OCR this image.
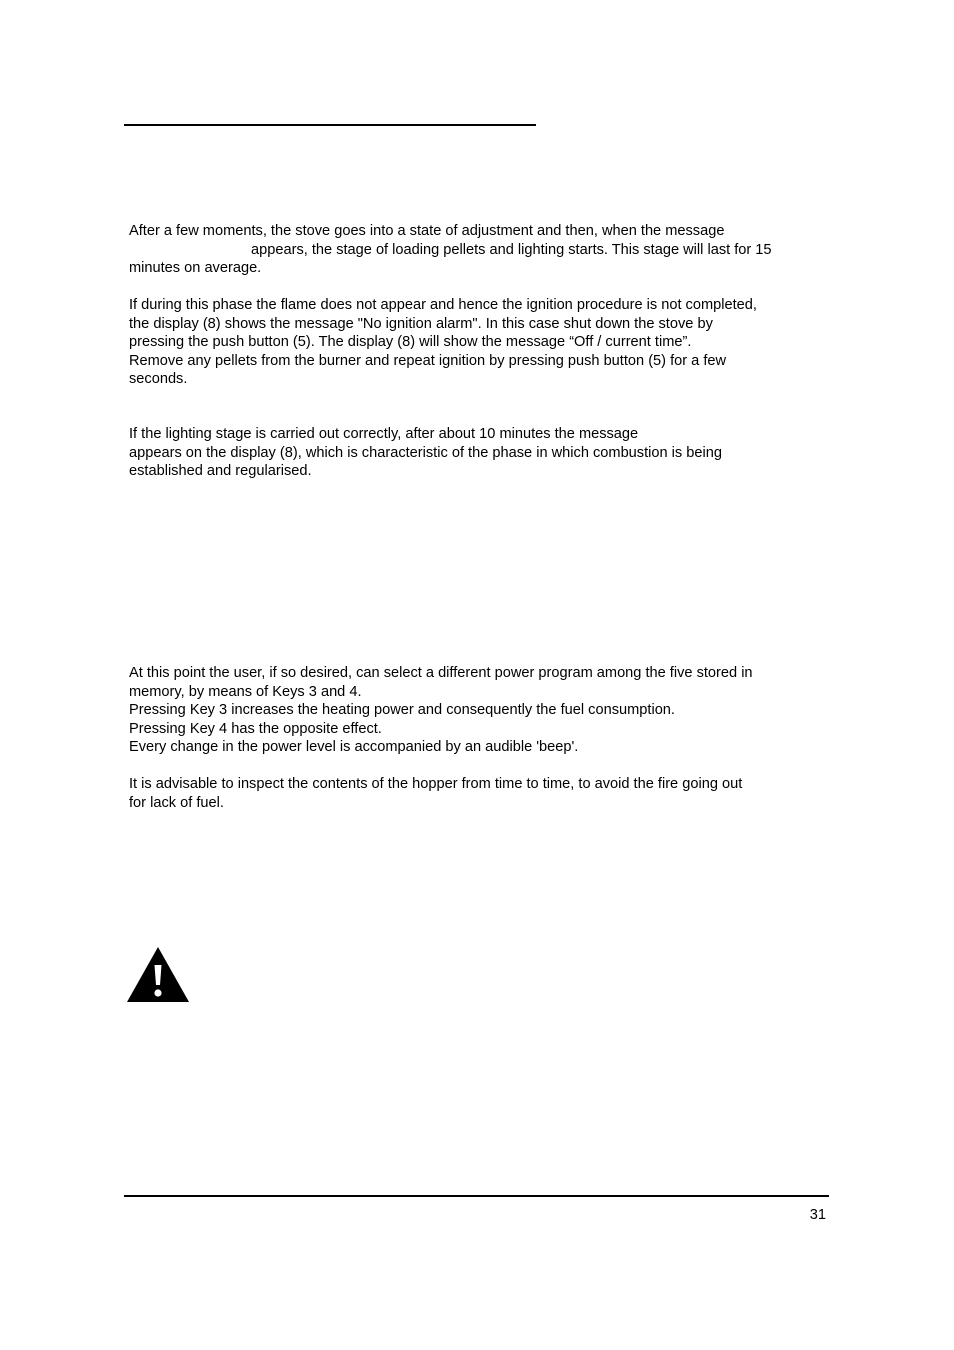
After a few moments, the stove goes into a state of adjustment and then, when the message
appears, the stage of loading pellets and lighting starts. This stage will last for 15
minutes on average.

If during this phase the flame does not appear and hence the ignition procedure is not completed,
the display (8) shows the message "No ignition alarm". In this case shut down the stove by
pressing the push button (5). The display (8) will show the message “Off / current time”.
Remove any pellets from the burner and repeat ignition by pressing push button (5) for a few
seconds.

If the lighting stage is carried out correctly, after about 10 minutes the message
appears on the display (8), which is characteristic of the phase in which combustion is being
established and regularised.

At this point the user, if so desired, can select a different power program among the five stored in
memory, by means of Keys 3 and 4.
Pressing Key 3 increases the heating power and consequently the fuel consumption.
Pressing Key 4 has the opposite effect.
Every change in the power level is accompanied by an audible 'beep'.

It is advisable to inspect the contents of the hopper from time to time, to avoid the fire going out
for lack of fuel.

31
